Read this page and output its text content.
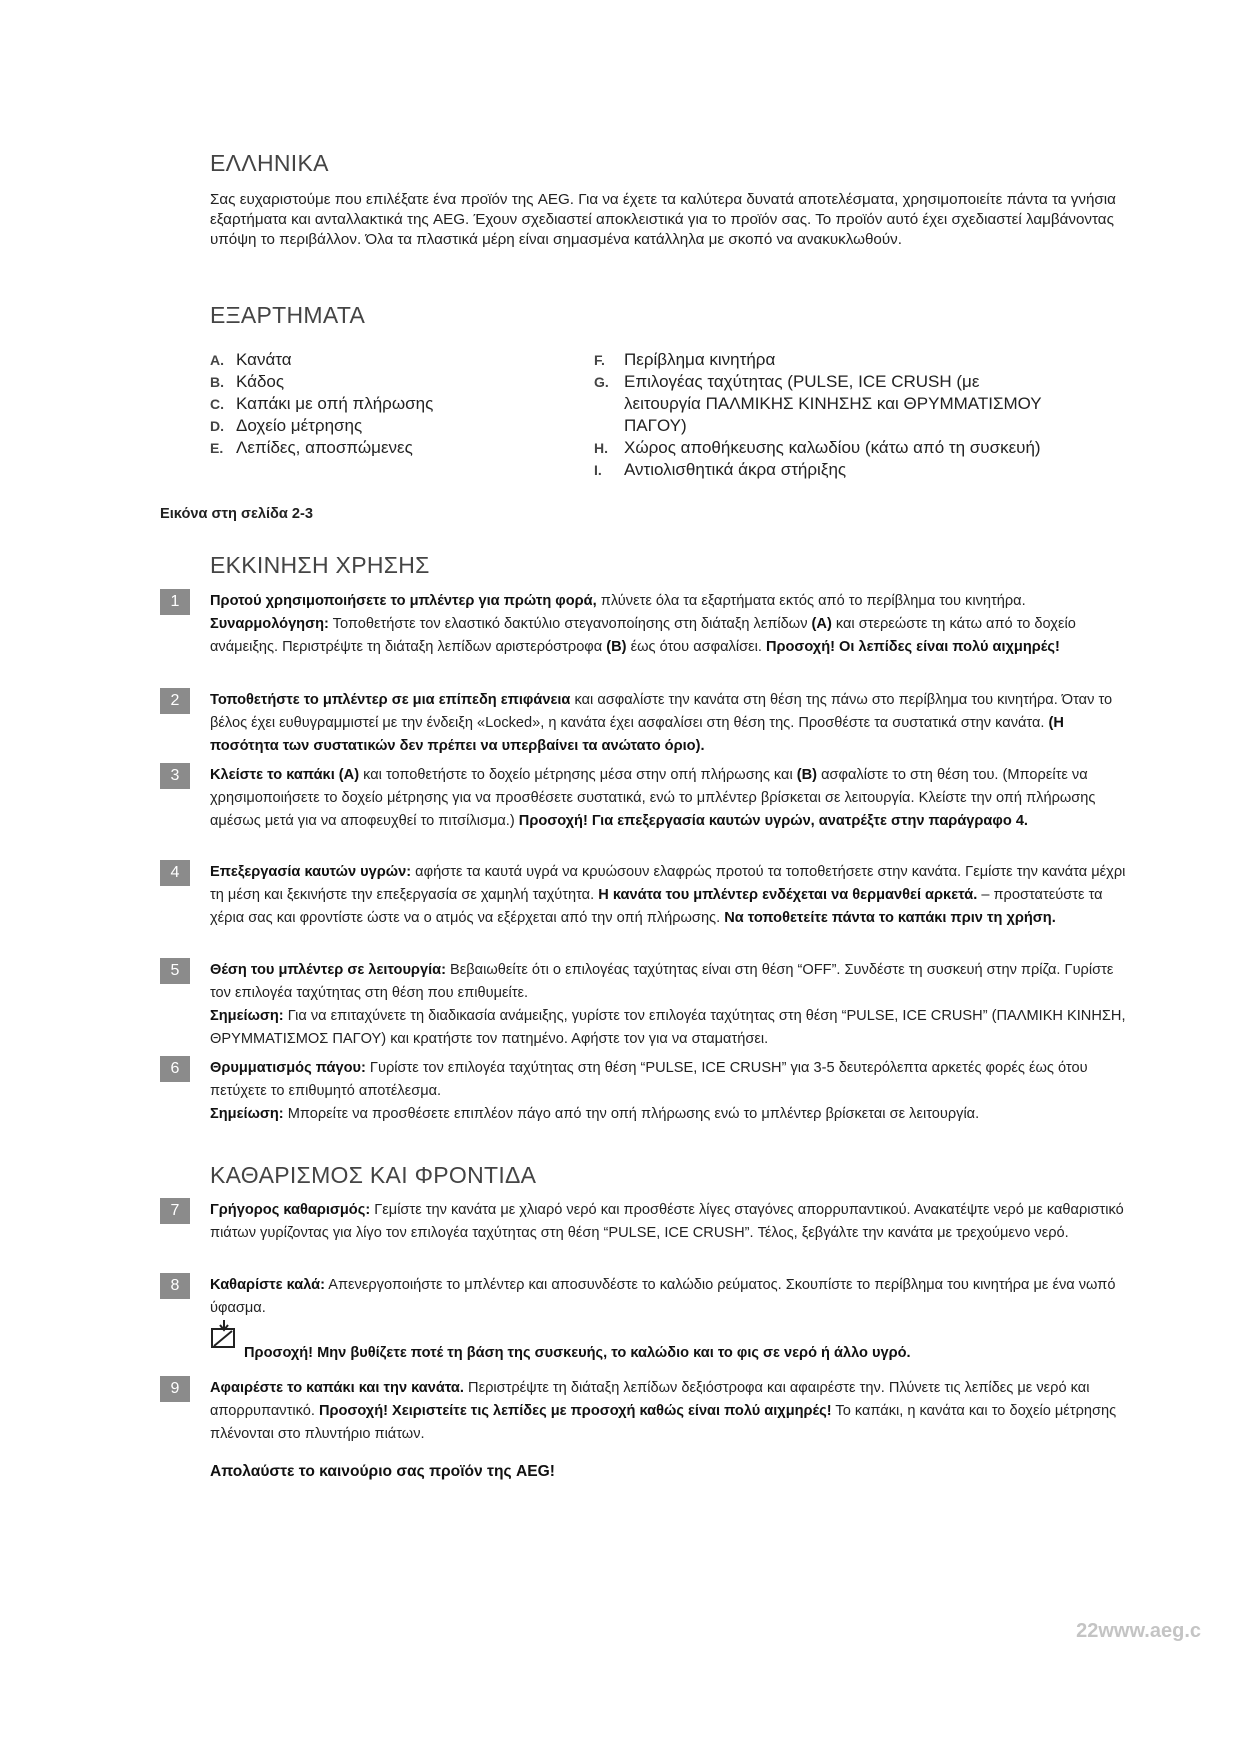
ΕΛΛΗΝΙΚΑ
Σας ευχαριστούμε που επιλέξατε ένα προϊόν της AEG. Για να έχετε τα καλύτερα δυνατά αποτελέσματα, χρησιμοποιείτε πάντα τα γνήσια εξαρτήματα και ανταλλακτικά της AEG. Έχουν σχεδιαστεί αποκλειστικά για το προϊόν σας. Το προϊόν αυτό έχει σχεδιαστεί λαμβάνοντας υπόψη το περιβάλλον. Όλα τα πλαστικά μέρη είναι σημασμένα κατάλληλα με σκοπό να ανακυκλωθούν.
ΕΞΑΡΤΗΜΑΤΑ
A. Κανάτα
B. Κάδος
C. Καπάκι με οπή πλήρωσης
D. Δοχείο μέτρησης
E. Λεπίδες, αποσπώμενες
F.	Περίβλημα κινητήρα
G. Επιλογέας ταχύτητας (PULSE, ICE CRUSH (με
λειτουργία ΠΑΛΜΙΚΗΣ ΚΙΝΗΣΗΣ και ΘΡΥΜΜΑΤΙΣΜΟΥ
ΠΑΓΟΥ)
H. Χώρος αποθήκευσης καλωδίου (κάτω από τη συσκευή)
I.	Αντιολισθητικά άκρα στήριξης
Εικόνα στη σελίδα 2-3
ΕΚΚΙΝΗΣΗ ΧΡΗΣΗΣ
1	Προτού χρησιμοποιήσετε το μπλέντερ για πρώτη φορά, πλύνετε όλα τα εξαρτήματα εκτός από το περίβλημα του κινητήρα. Συναρμολόγηση: Τοποθετήστε τον ελαστικό δακτύλιο στεγανοποίησης στη διάταξη λεπίδων (A) και στερεώστε τη κάτω από το δοχείο ανάμειξης. Περιστρέψτε τη διάταξη λεπίδων αριστερόστροφα (B) έως ότου ασφαλίσει. Προσοχή! Οι λεπίδες είναι πολύ αιχμηρές!
2	Τοποθετήστε το μπλέντερ σε μια επίπεδη επιφάνεια και ασφαλίστε την κανάτα στη θέση της πάνω στο περίβλημα του κινητήρα. Όταν το βέλος έχει ευθυγραμμιστεί με την ένδειξη «Locked», η κανάτα έχει ασφαλίσει στη θέση της. Προσθέστε τα συστατικά στην κανάτα. (Η ποσότητα των συστατικών δεν πρέπει να υπερβαίνει τα ανώτατο όριο).
3	Κλείστε το καπάκι (A) και τοποθετήστε το δοχείο μέτρησης μέσα στην οπή πλήρωσης και (B) ασφαλίστε το στη θέση του. (Μπορείτε να χρησιμοποιήσετε το δοχείο μέτρησης για να προσθέσετε συστατικά, ενώ το μπλέντερ βρίσκεται σε λειτουργία. Κλείστε την οπή πλήρωσης αμέσως μετά για να αποφευχθεί το πιτσίλισμα.) Προσοχή! Για επεξεργασία καυτών υγρών, ανατρέξτε στην παράγραφο 4.
4	Επεξεργασία καυτών υγρών: αφήστε τα καυτά υγρά να κρυώσουν ελαφρώς προτού τα τοποθετήσετε στην κανάτα. Γεμίστε την κανάτα μέχρι τη μέση και ξεκινήστε την επεξεργασία σε χαμηλή ταχύτητα. Η κανάτα του μπλέντερ ενδέχεται να θερμανθεί αρκετά. – προστατεύστε τα χέρια σας και φροντίστε ώστε να ο ατμός να εξέρχεται από την οπή πλήρωσης. Να τοποθετείτε πάντα το καπάκι πριν τη χρήση.
5	Θέση του μπλέντερ σε λειτουργία: Βεβαιωθείτε ότι ο επιλογέας ταχύτητας είναι στη θέση “OFF”. Συνδέστε τη συσκευή στην πρίζα. Γυρίστε τον επιλογέα ταχύτητας στη θέση που επιθυμείτε.
Σημείωση: Για να επιταχύνετε τη διαδικασία ανάμειξης, γυρίστε τον επιλογέα ταχύτητας στη θέση “PULSE, ICE CRUSH” (ΠΑΛΜΙΚΗ ΚΙΝΗΣΗ, ΘΡΥΜΜΑΤΙΣΜΟΣ ΠΑΓΟΥ) και κρατήστε τον πατημένο. Αφήστε τον για να σταματήσει.
6	Θρυμματισμός πάγου: Γυρίστε τον επιλογέα ταχύτητας στη θέση “PULSE, ICE CRUSH” για 3-5 δευτερόλεπτα αρκετές φορές έως ότου πετύχετε το επιθυμητό αποτέλεσμα.
Σημείωση: Μπορείτε να προσθέσετε επιπλέον πάγο από την οπή πλήρωσης ενώ το μπλέντερ βρίσκεται σε λειτουργία.
ΚΑΘΑΡΙΣΜΟΣ ΚΑΙ ΦΡΟΝΤΙΔΑ
7	Γρήγορος καθαρισμός: Γεμίστε την κανάτα με χλιαρό νερό και προσθέστε λίγες σταγόνες απορρυπαντικού. Ανακατέψτε νερό με καθαριστικό πιάτων γυρίζοντας για λίγο τον επιλογέα ταχύτητας στη θέση “PULSE, ICE CRUSH”. Τέλος, ξεβγάλτε την κανάτα με τρεχούμενο νερό.
8	Καθαρίστε καλά: Απενεργοποιήστε το μπλέντερ και αποσυνδέστε το καλώδιο ρεύματος. Σκουπίστε το περίβλημα του κινητήρα με ένα νωπό ύφασμα.
Προσοχή! Μην βυθίζετε ποτέ τη βάση της συσκευής, το καλώδιο και το φις σε νερό ή άλλο υγρό.
9	Αφαιρέστε το καπάκι και την κανάτα. Περιστρέψτε τη διάταξη λεπίδων δεξιόστροφα και αφαιρέστε την. Πλύνετε τις λεπίδες με νερό και απορρυπαντικό. Προσοχή! Χειριστείτε τις λεπίδες με προσοχή καθώς είναι πολύ αιχμηρές! Το καπάκι, η κανάτα και το δοχείο μέτρησης πλένονται στο πλυντήριο πιάτων.
Απολαύστε το καινούριο σας προϊόν της AEG!
22www.aeg.c
